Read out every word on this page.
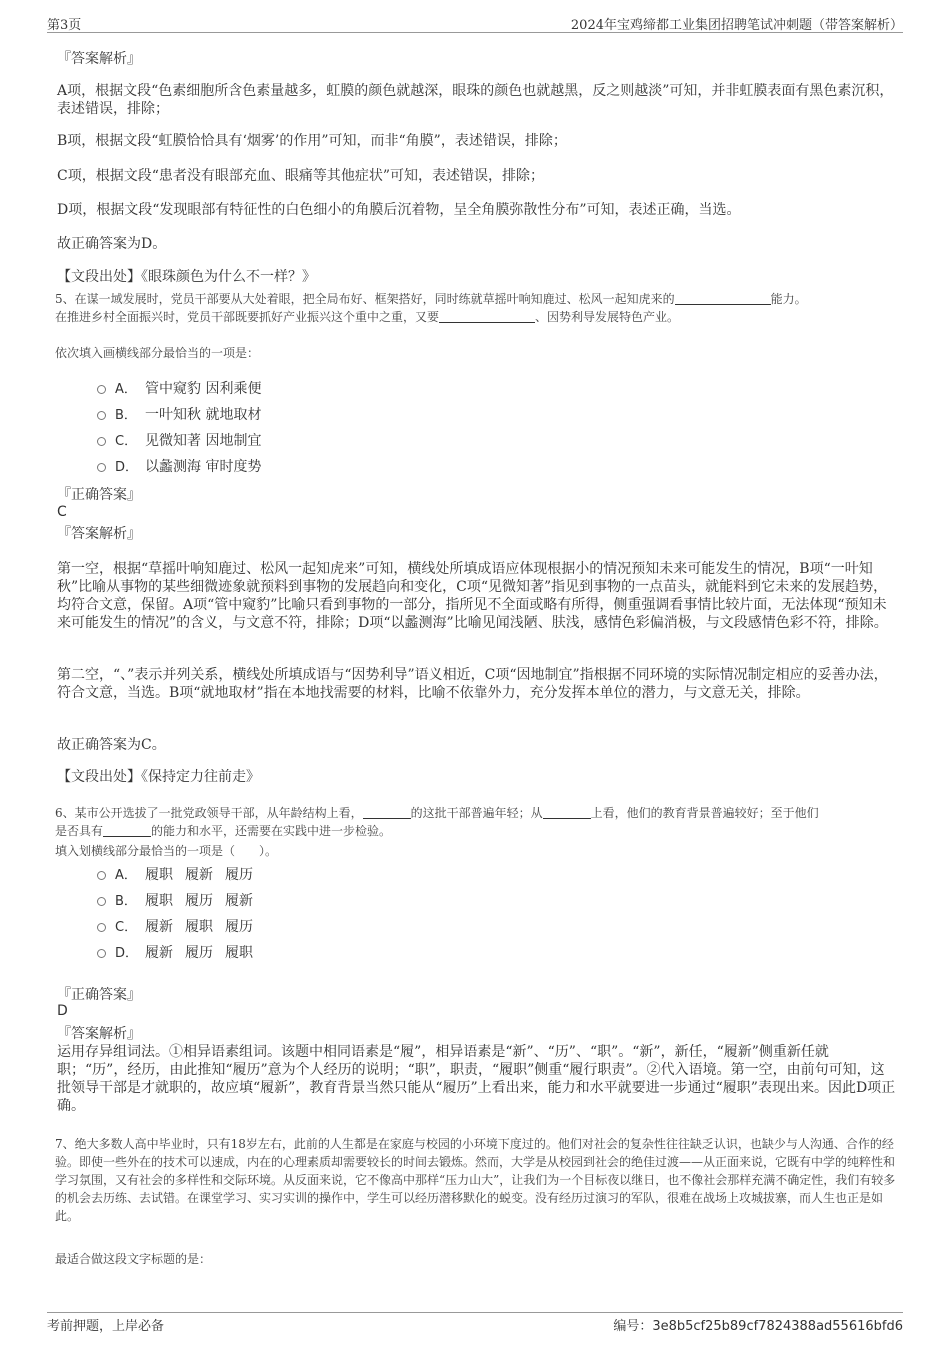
第3页	2024年宝鸡缔都工业集团招聘笔试冲刺题（带答案解析）
『答案解析』
A项，根据文段“色素细胞所含色素量越多，虹膜的颜色就越深，眼珠的颜色也就越黑，反之则越淡”可知，并非虹膜表面有黑色素沉积，表述错误，排除；
B项，根据文段“虹膜恰恰具有‘烟雾’的作用”可知，而非“角膜”，表述错误，排除；
C项，根据文段“患者没有眼部充血、眼痛等其他症状”可知，表述错误，排除；
D项，根据文段“发现眼部有特征性的白色细小的角膜后沉着物，呈全角膜弥散性分布”可知，表述正确，当选。
故正确答案为D。
【文段出处】《眼珠颜色为什么不一样？》
5、在谋一域发展时，党员干部要从大处着眼，把全局布好、框架搭好，同时练就草摇叶响知鹿过、松风一起知虎来的	能力。
在推进乡村全面振兴时，党员干部既要抓好产业振兴这个重中之重，又要	、因势利导发展特色产业。
依次填入画横线部分最恰当的一项是：
A． 管中窥豹 因利乘便
B． 一叶知秋 就地取材
C． 见微知著 因地制宜
D． 以蠡测海 审时度势
『正确答案』
C
『答案解析』
第一空，根据“草摇叶响知鹿过、松风一起知虎来”可知，横线处所填成语应体现根据小的情况预知未来可能发生的情况，B项“一叶知秋”比喻从事物的某些细微迹象就预料到事物的发展趋向和变化，C项“见微知著”指见到事物的一点苗头，就能料到它未来的发展趋势，均符合文意，保留。A项“管中窥豹”比喻只看到事物的一部分，指所见不全面或略有所得，侧重强调看事情比较片面，无法体现“预知未来可能发生的情况”的含义，与文意不符，排除；D项“以蠡测海”比喻见闻浅陋、肤浅，感情色彩偏消极，与文段感情色彩不符，排除。
第二空，“、”表示并列关系，横线处所填成语与“因势利导”语义相近，C项“因地制宜”指根据不同环境的实际情况制定相应的妥善办法，符合文意，当选。B项“就地取材”指在本地找需要的材料，比喻不依靠外力，充分发挥本单位的潜力，与文意无关，排除。
故正确答案为C。
【文段出处】《保持定力往前走》
6、某市公开选拔了一批党政领导干部，从年龄结构上看，	的这批干部普遍年轻；从	上看，他们的教育背景普遍较好；至于他们
是否具有	的能力和水平，还需要在实践中进一步检验。
填入划横线部分最恰当的一项是（　　）。
A． 履职 履新 履历
B． 履职 履历 履新
C． 履新 履职 履历
D． 履新 履历 履职
『正确答案』
D
『答案解析』
运用存异组词法。①相异语素组词。该题中相同语素是“履”，相异语素是“新”、“历”、“职”。“新”，新任，“履新”侧重新任就职；“历”，经历，由此推知“履历”意为个人经历的说明；“职”，职责，“履职”侧重“履行职责”。②代入语境。第一空，由前句可知，这批领导干部是才就职的，故应填“履新”，教育背景当然只能从“履历”上看出来，能力和水平就要进一步通过“履职”表现出来。因此D项正确。
7、绝大多数人高中毕业时，只有18岁左右，此前的人生都是在家庭与校园的小环境下度过的。他们对社会的复杂性往往缺乏认识，也缺少与人沟通、合作的经验。即使一些外在的技术可以速成，内在的心理素质却需要较长的时间去锻炼。然而，大学是从校园到社会的绝佳过渡——从正面来说，它既有中学的纯粹性和学习氛围，又有社会的多样性和交际环境。从反面来说，它不像高中那样“压力山大”，让我们为一个目标夜以继日，也不像社会那样充满不确定性，我们有较多的机会去历练、去试错。在课堂学习、实习实训的操作中，学生可以经历潜移默化的蜕变。没有经历过演习的军队，很难在战场上攻城拔寨，而人生也正是如此。
最适合做这段文字标题的是：
考前押题，上岸必备	编号：3e8b5cf25b89cf7824388ad55616bfd6
